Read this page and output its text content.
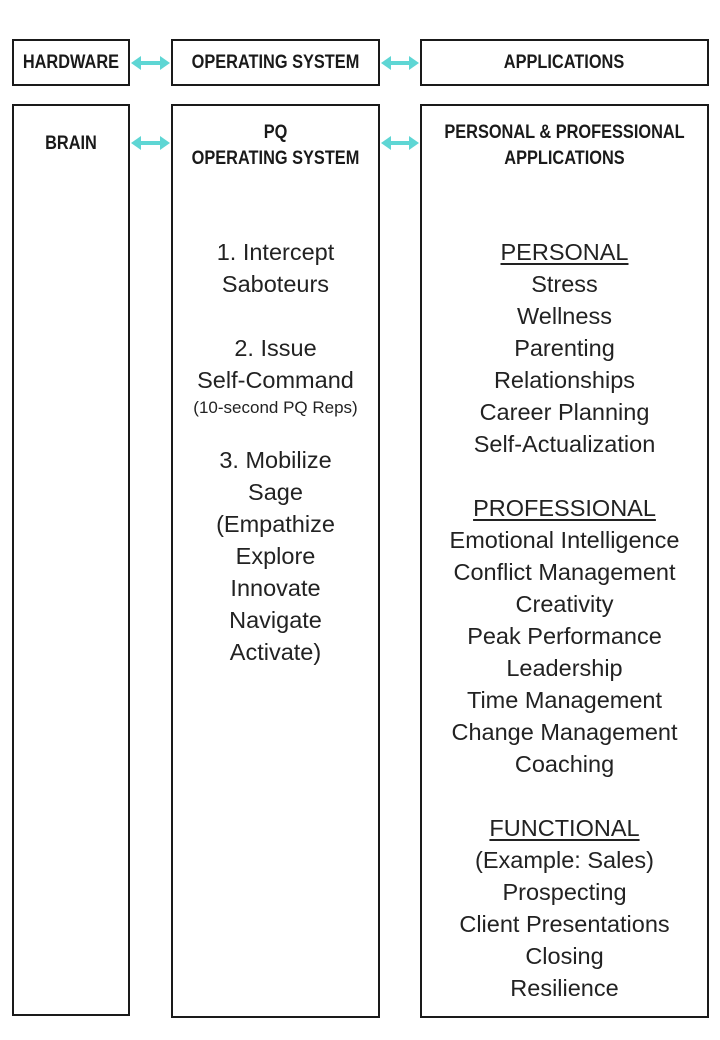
HARDWARE	OPERATING SYSTEM	APPLICATIONS
BRAIN
PQ
OPERATING SYSTEM
1. Intercept
Saboteurs
2. Issue
Self-Command
(10-second PQ Reps)
3. Mobilize
Sage
(Empathize
Explore
Innovate
Navigate
Activate)
PERSONAL & PROFESSIONAL
APPLICATIONS
PERSONAL
Stress
Wellness
Parenting
Relationships
Career Planning
Self-Actualization
PROFESSIONAL
Emotional Intelligence
Conflict Management
Creativity
Peak Performance
Leadership
Time Management
Change Management
Coaching
FUNCTIONAL
(Example: Sales)
Prospecting
Client Presentations
Closing
Resilience
